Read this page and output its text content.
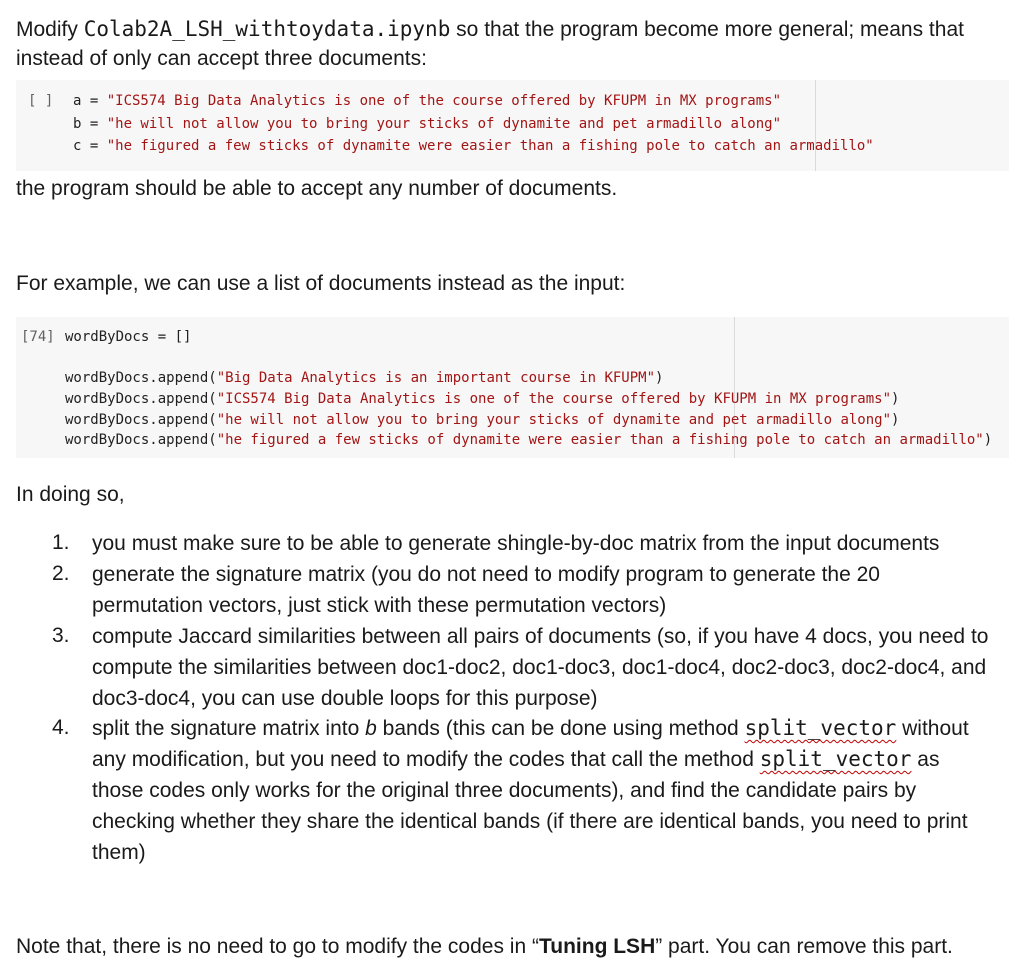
Modify Colab2A_LSH_withtoydata.ipynb so that the program become more general; means that
instead of only can accept three documents:
[ ] a = "ICS574 Big Data Analytics is one of the course offered by KFUPM in MX programs"
b = "he will not allow you to bring your sticks of dynamite and pet armadillo along"
c = "he figured a few sticks of dynamite were easier than a fishing pole to catch an armadillo"
the program should be able to accept any number of documents.
For example, we can use a list of documents instead as the input:
[74] wordByDocs = []
wordByDocs.append("Big Data Analytics is an important course in KFUPM")
wordByDocs.append("ICS574 Big Data Analytics is one of the course offered by KFUPM in MX programs")
wordByDocs.append("he will not allow you to bring your sticks of dynamite and pet armadillo along")
wordByDocs.append("he figured a few sticks of dynamite were easier than a fishing pole to catch an armadillo")
In doing so,
1. you must make sure to be able to generate shingle-by-doc matrix from the input documents
2. generate the signature matrix (you do not need to modify program to generate the 20
permutation vectors, just stick with these permutation vectors)
3. compute Jaccard similarities between all pairs of documents (so, if you have 4 docs, you need to
compute the similarities between doc1-doc2, doc1-doc3, doc1-doc4, doc2-doc3, doc2-doc4, and
doc3-doc4, you can use double loops for this purpose)
4. split the signature matrix into b bands (this can be done using method split_vector without
any modification, but you need to modify the codes that call the method split_vector as
those codes only works for the original three documents), and find the candidate pairs by
checking whether they share the identical bands (if there are identical bands, you need to print
them)
Note that, there is no need to go to modify the codes in “Tuning LSH” part. You can remove this part.
